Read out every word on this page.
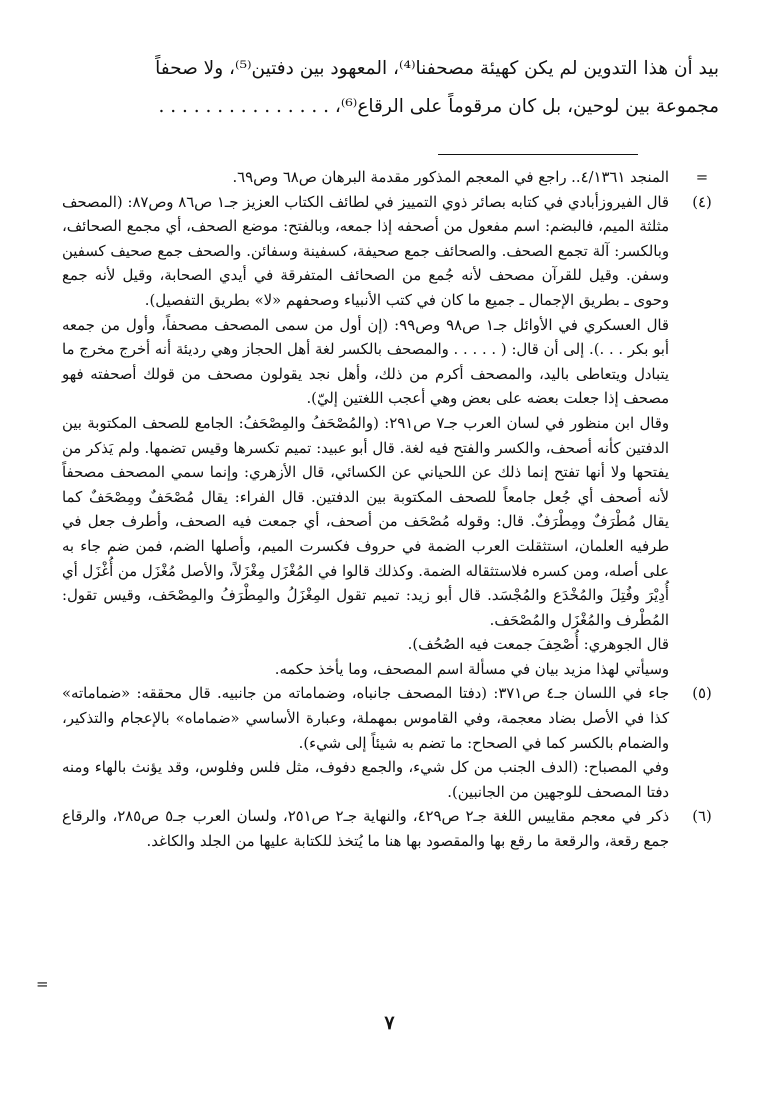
بيد أن هذا التدوين لم يكن كهيئة مصحفنا⁽⁴⁾، المعهود بين دفتين⁽⁵⁾، ولا صحفاً
مجموعة بين لوحين، بل كان مرقوماً على الرقاع⁽⁶⁾، . . . . . . . . . . . . . . .
=

المنجد ٤/١٣٦١.. راجع في المعجم المذكور مقدمة البرهان ص٦٨ وص٦٩.

(٤)

قال الفيروزأبادي في كتابه بصائر ذوي التمييز في لطائف الكتاب العزيز جـ١ ص٨٦ وص٨٧: (المصحف مثلثة الميم، فالبضم: اسم مفعول من أصحفه إذا جمعه، وبالفتح: موضع الصحف، أي مجمع الصحائف، وبالكسر: آلة تجمع الصحف. والصحائف جمع صحيفة، كسفينة وسفائن. والصحف جمع صحيف كسفين وسفن. وقيل للقرآن مصحف لأنه جُمع من الصحائف المتفرقة في أيدي الصحابة، وقيل لأنه جمع وحوى ـ بطريق الإجمال ـ جميع ما كان في كتب الأنبياء وصحفهم «لا» بطريق التفصيل).

قال العسكري في الأوائل جـ١ ص٩٨ وص٩٩: (إن أول من سمى المصحف مصحفاً، وأول من جمعه أبو بكر . . .). إلى أن قال: ( . . . . . والمصحف بالكسر لغة أهل الحجاز وهي رديئة أنه أخرج مخرج ما يتبادل ويتعاطى باليد، والمصحف أكرم من ذلك، وأهل نجد يقولون مصحف من قولك أصحفته فهو مصحف إذا جعلت بعضه على بعض وهي أعجب اللغتين إليّ).

وقال ابن منظور في لسان العرب جـ٧ ص٢٩١: (والمُصْحَفُ والمِصْحَفُ: الجامع للصحف المكتوبة بين الدفتين كأنه أصحف، والكسر والفتح فيه لغة. قال أبو عبيد: تميم تكسرها وقيس تضمها. ولم يَذكر من يفتحها ولا أنها تفتح إنما ذلك عن اللحياني عن الكسائي، قال الأزهري: وإنما سمي المصحف مصحفاً لأنه أصحف أي جُعل جامعاً للصحف المكتوبة بين الدفتين. قال الفراء: يقال مُصْحَفٌ ومِصْحَفٌ كما يقال مُطْرَفٌ ومِطْرَفٌ. قال: وقوله مُصْحَف من أصحف، أي جمعت فيه الصحف، وأطرف جعل في طرفيه العلمان، استثقلت العرب الضمة في حروف فكسرت الميم، وأصلها الضم، فمن ضم جاء به على أصله، ومن كسره فلاستثقاله الضمة. وكذلك قالوا في المُغْزَل مِغْزَلاً، والأصل مُغْزَل من أُغْزَل أي أُدِيْرَ وفُتِلَ والمُخْدَع والمُجْسَد. قال أبو زيد: تميم تقول المِغْزَلُ والمِطْرَفُ والمِصْحَف، وقيس تقول: المُطْرف والمُغْزَل والمُصْحَف.

قال الجوهري: أُصْحِفَ جمعت فيه الصُحُف).

وسيأتي لهذا مزيد بيان في مسألة اسم المصحف، وما يأخذ حكمه.

(٥)

جاء في اللسان جـ٤ ص٣٧١: (دفتا المصحف جانباه، وضماماته من جانبيه. قال محققه: «ضماماته» كذا في الأصل بضاد معجمة، وفي القاموس بمهملة، وعبارة الأساسي «ضماماه» بالإعجام والتذكير، والضمام بالكسر كما في الصحاح: ما تضم به شيئاً إلى شيء).

وفي المصباح: (الدف الجنب من كل شيء، والجمع دفوف، مثل فلس وفلوس، وقد يؤنث بالهاء ومنه دفتا المصحف للوجهين من الجانبين).

(٦)

ذكر في معجم مقاييس اللغة جـ٢ ص٤٢٩، والنهاية جـ٢ ص٢٥١، ولسان العرب جـ٥ ص٢٨٥، والرقاع جمع رقعة، والرقعة ما رقع بها والمقصود بها هنا ما يُتخذ للكتابة عليها من الجلد والكاغد.

=
٧
